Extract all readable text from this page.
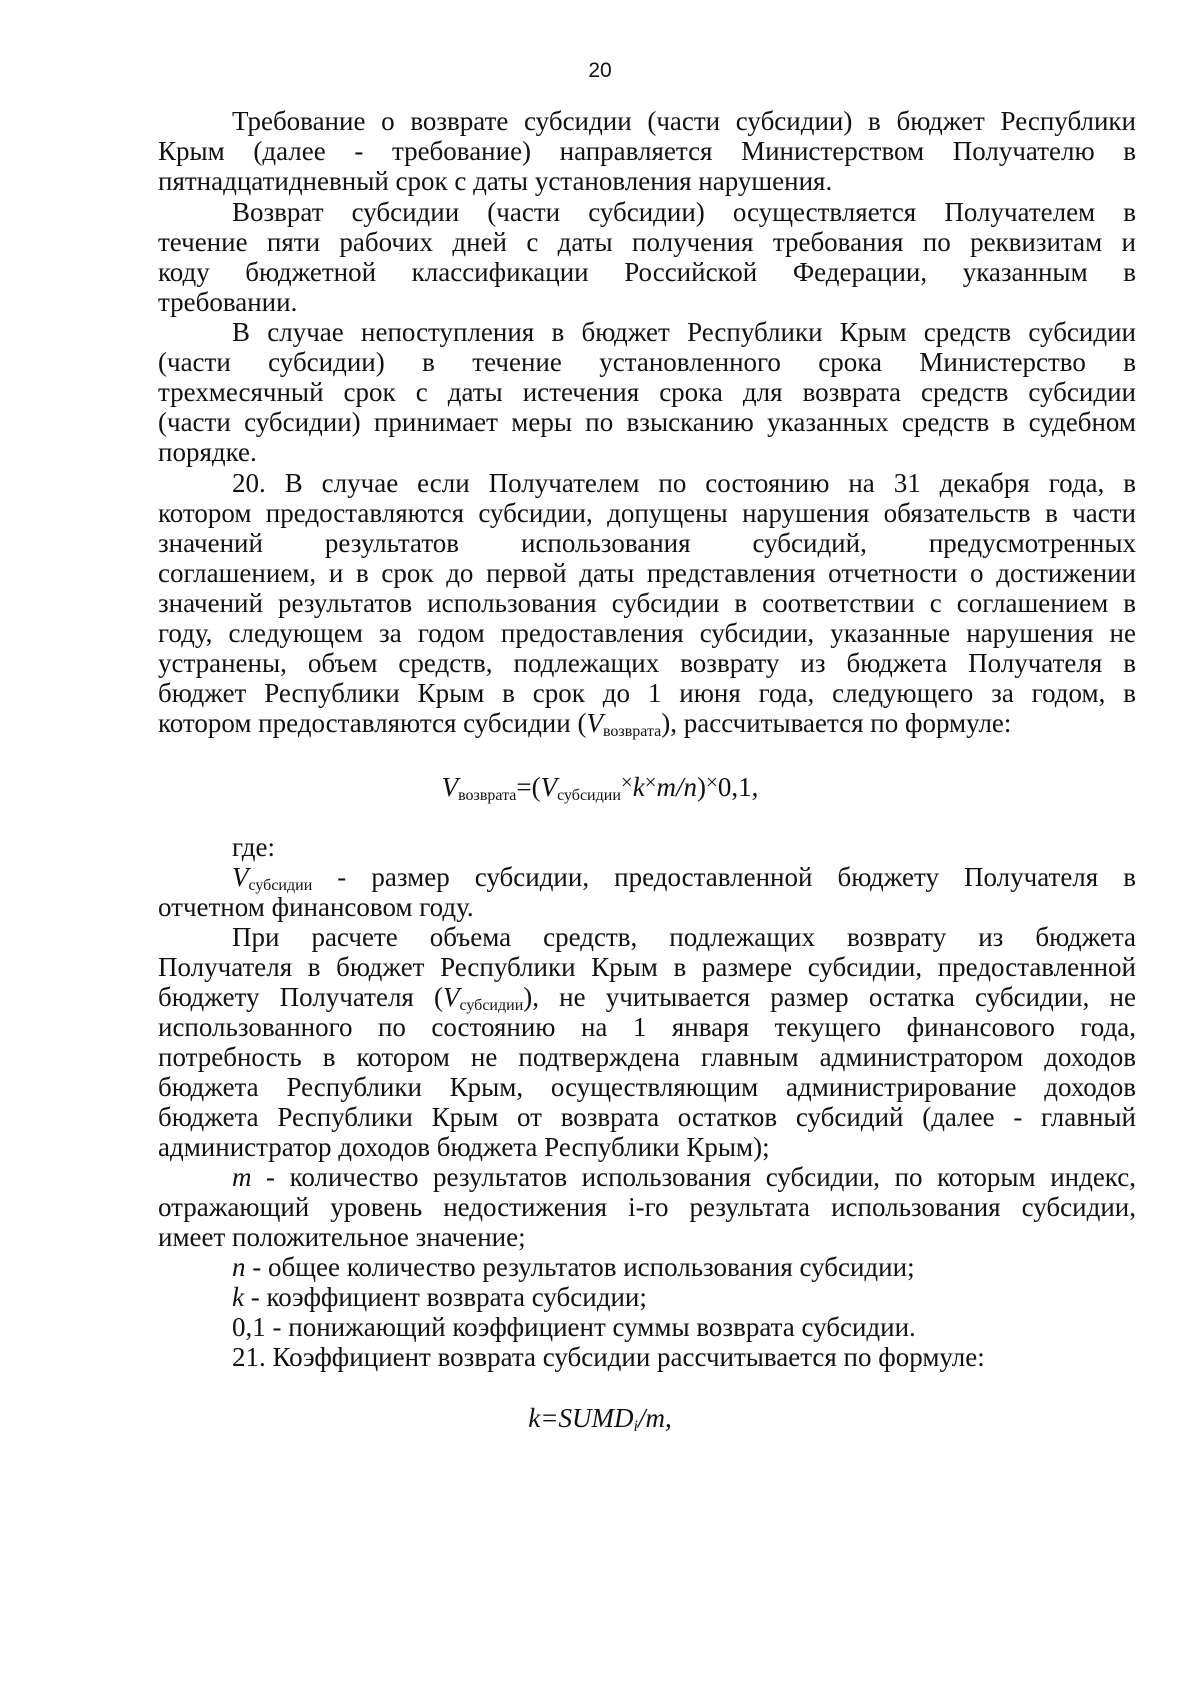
20
Требование о возврате субсидии (части субсидии) в бюджет Республики
Крым (далее - требование) направляется Министерством Получателю в
пятнадцатидневный срок с даты установления нарушения.
Возврат субсидии (части субсидии) осуществляется Получателем в
течение пяти рабочих дней с даты получения требования по реквизитам и
коду бюджетной классификации Российской Федерации, указанным в
требовании.
В случае непоступления в бюджет Республики Крым средств субсидии
(части субсидии) в течение установленного срока Министерство в
трехмесячный срок с даты истечения срока для возврата средств субсидии
(части субсидии) принимает меры по взысканию указанных средств в судебном
порядке.
20. В случае если Получателем по состоянию на 31 декабря года, в
котором предоставляются субсидии, допущены нарушения обязательств в части
значений результатов использования субсидий, предусмотренных
соглашением, и в срок до первой даты представления отчетности о достижении
значений результатов использования субсидии в соответствии с соглашением в
году, следующем за годом предоставления субсидии, указанные нарушения не
устранены, объем средств, подлежащих возврату из бюджета Получателя в
бюджет Республики Крым в срок до 1 июня года, следующего за годом, в
котором предоставляются субсидии (Vвозврата), рассчитывается по формуле:
Vвозврата=(Vсубсидии×k×m/n)×0,1,
где:
Vсубсидии - размер субсидии, предоставленной бюджету Получателя в
отчетном финансовом году.
При расчете объема средств, подлежащих возврату из бюджета
Получателя в бюджет Республики Крым в размере субсидии, предоставленной
бюджету Получателя (Vсубсидии), не учитывается размер остатка субсидии, не
использованного по состоянию на 1 января текущего финансового года,
потребность в котором не подтверждена главным администратором доходов
бюджета Республики Крым, осуществляющим администрирование доходов
бюджета Республики Крым от возврата остатков субсидий (далее - главный
администратор доходов бюджета Республики Крым);
m - количество результатов использования субсидии, по которым индекс,
отражающий уровень недостижения i-го результата использования субсидии,
имеет положительное значение;
n - общее количество результатов использования субсидии;
k - коэффициент возврата субсидии;
0,1 - понижающий коэффициент суммы возврата субсидии.
21. Коэффициент возврата субсидии рассчитывается по формуле:
k=SUMDi/m,
